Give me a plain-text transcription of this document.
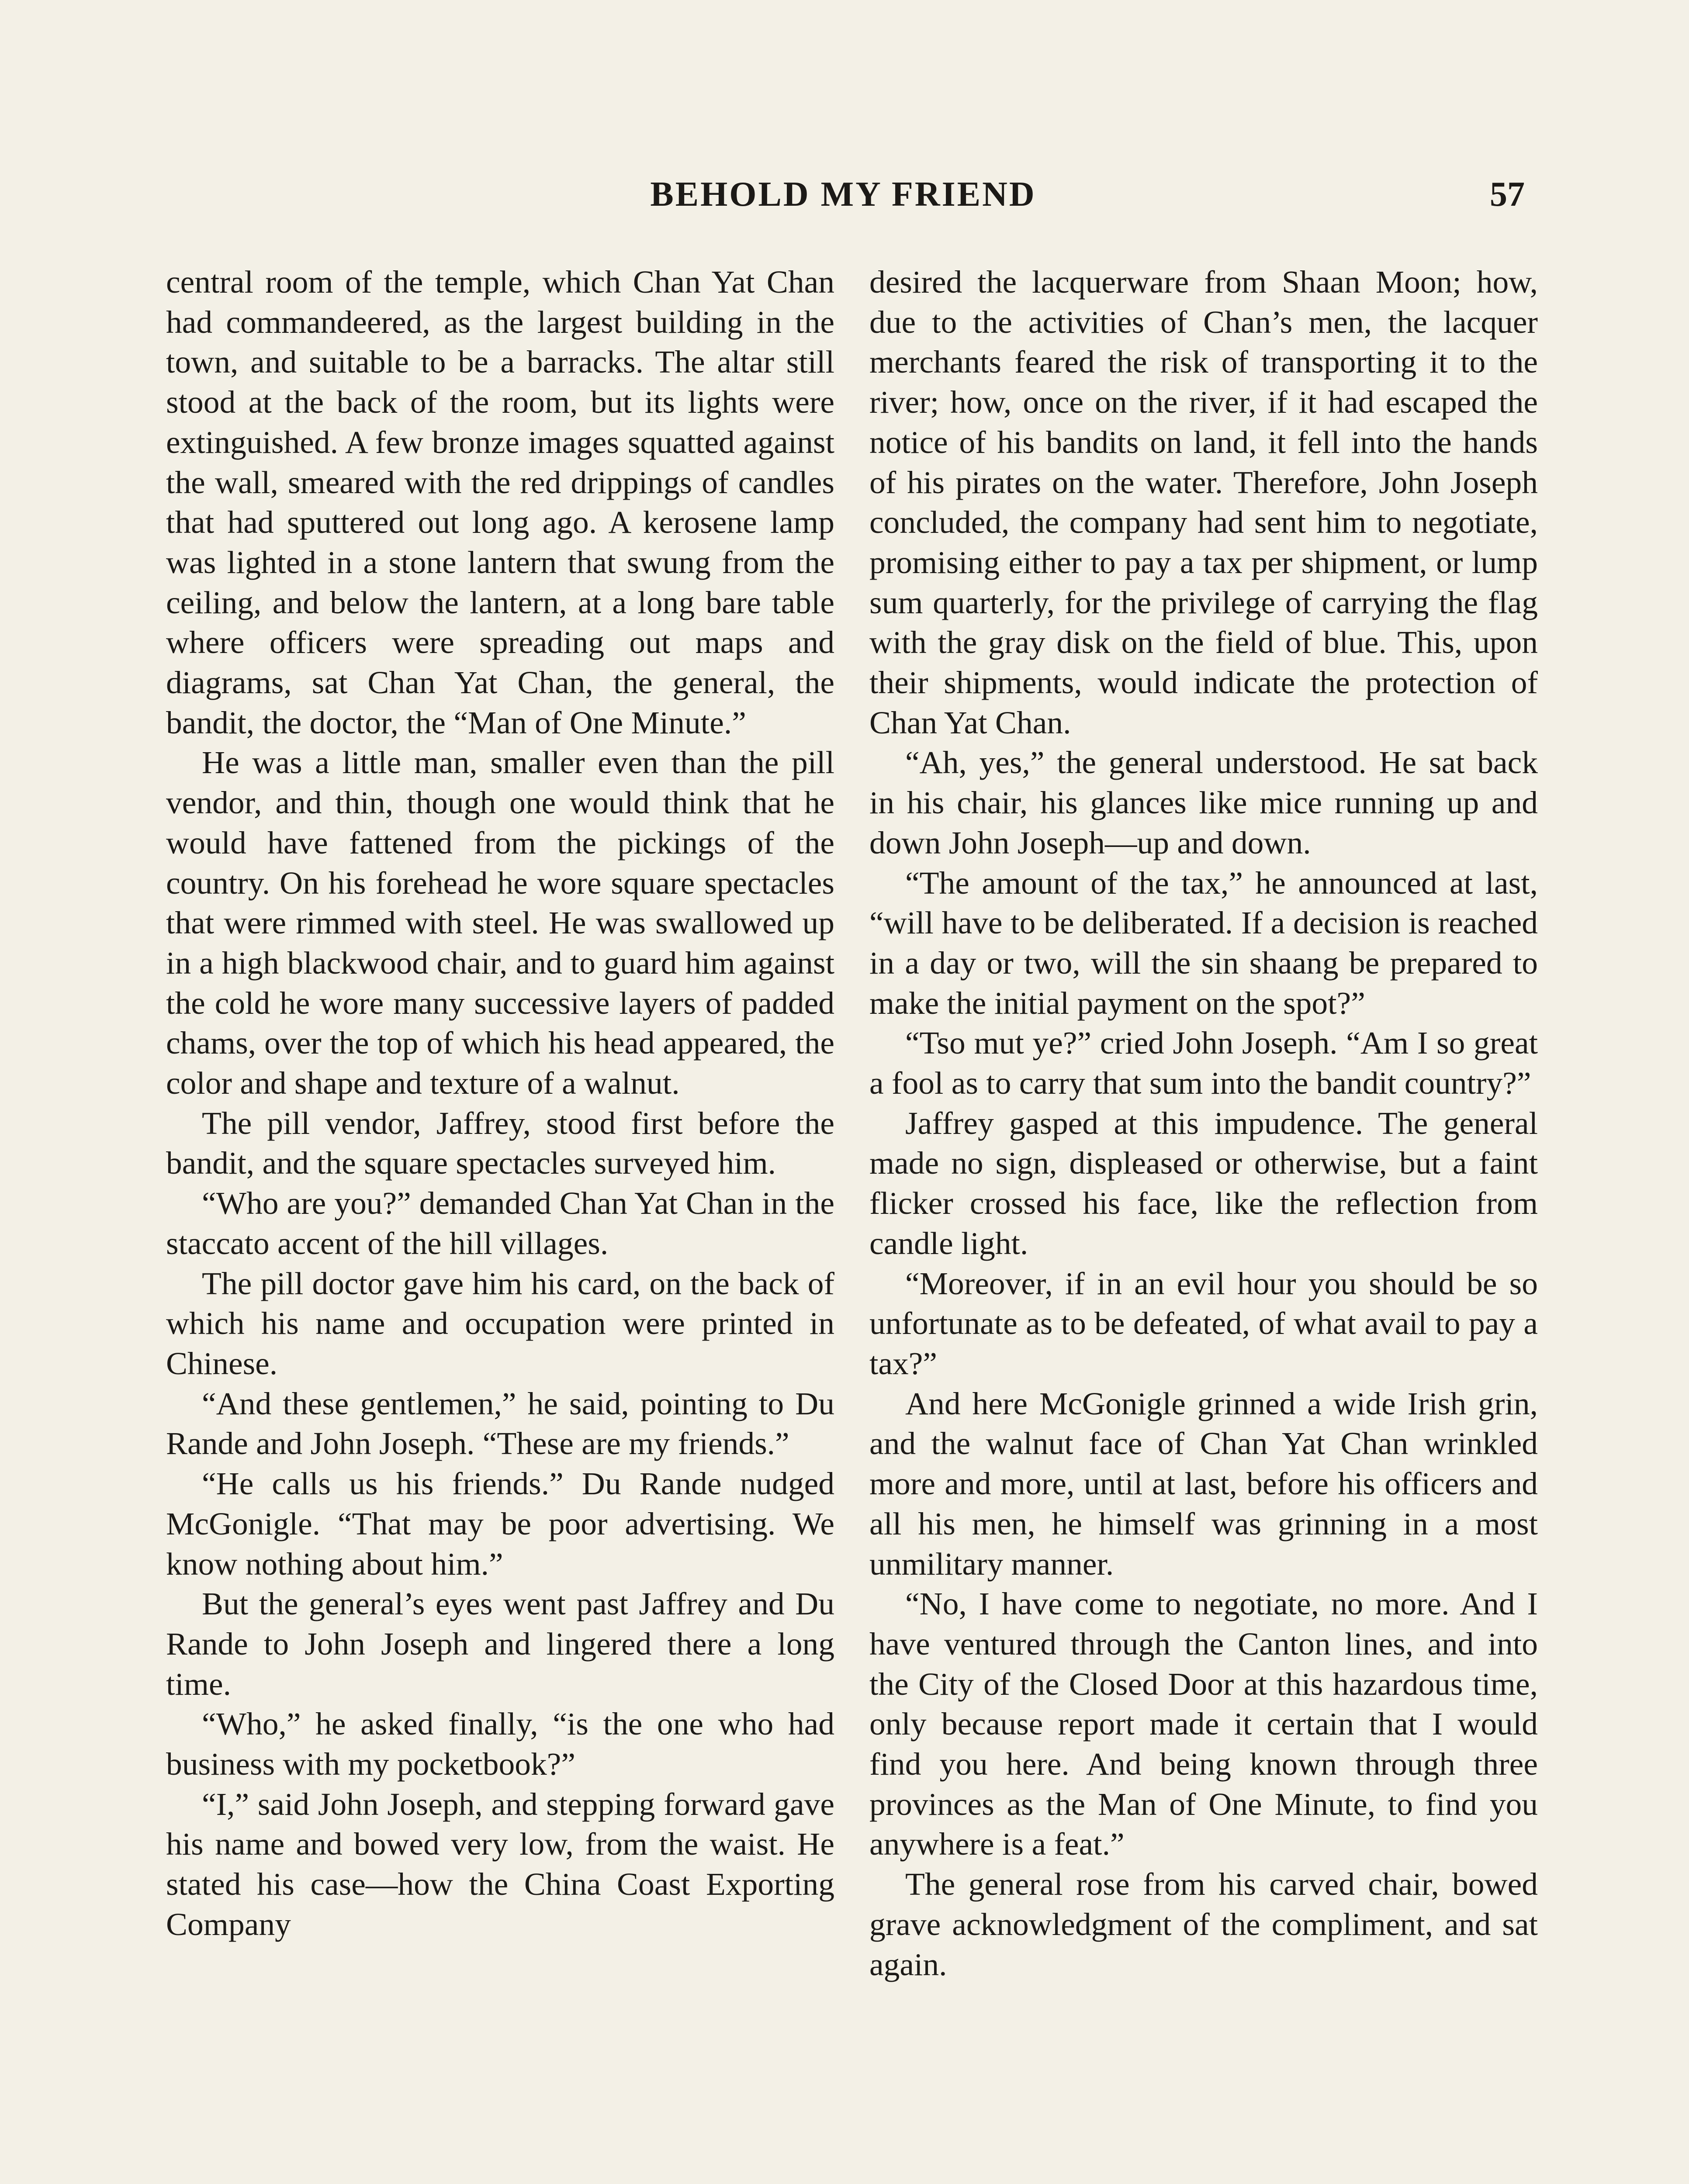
BEHOLD MY FRIEND	57

central room of the temple, which Chan Yat Chan had commandeered, as the largest building in the town, and suitable to be a barracks. The altar still stood at the back of the room, but its lights were extinguished. A few bronze images squatted against the wall, smeared with the red drippings of candles that had sputtered out long ago. A kerosene lamp was lighted in a stone lantern that swung from the ceiling, and below the lantern, at a long bare table where officers were spreading out maps and diagrams, sat Chan Yat Chan, the general, the bandit, the doctor, the “Man of One Minute.”

He was a little man, smaller even than the pill vendor, and thin, though one would think that he would have fattened from the pickings of the country. On his forehead he wore square spectacles that were rimmed with steel. He was swallowed up in a high blackwood chair, and to guard him against the cold he wore many successive layers of padded chams, over the top of which his head appeared, the color and shape and texture of a walnut.

The pill vendor, Jaffrey, stood first before the bandit, and the square spectacles surveyed him.

“Who are you?” demanded Chan Yat Chan in the staccato accent of the hill villages.

The pill doctor gave him his card, on the back of which his name and occupation were printed in Chinese.

“And these gentlemen,” he said, pointing to Du Rande and John Joseph. “These are my friends.”

“He calls us his friends.” Du Rande nudged McGonigle. “That may be poor advertising. We know nothing about him.”

But the general’s eyes went past Jaffrey and Du Rande to John Joseph and lingered there a long time.

“Who,” he asked finally, “is the one who had business with my pocketbook?”

“I,” said John Joseph, and stepping forward gave his name and bowed very low, from the waist. He stated his case—how the China Coast Exporting Company

desired the lacquerware from Shaan Moon; how, due to the activities of Chan’s men, the lacquer merchants feared the risk of transporting it to the river; how, once on the river, if it had escaped the notice of his bandits on land, it fell into the hands of his pirates on the water. Therefore, John Joseph concluded, the company had sent him to negotiate, promising either to pay a tax per shipment, or lump sum quarterly, for the privilege of carrying the flag with the gray disk on the field of blue. This, upon their shipments, would indicate the protection of Chan Yat Chan.

“Ah, yes,” the general understood. He sat back in his chair, his glances like mice running up and down John Joseph—up and down.

“The amount of the tax,” he announced at last, “will have to be deliberated. If a decision is reached in a day or two, will the sin shaang be prepared to make the initial payment on the spot?”

“Tso mut ye?” cried John Joseph. “Am I so great a fool as to carry that sum into the bandit country?”

Jaffrey gasped at this impudence. The general made no sign, displeased or otherwise, but a faint flicker crossed his face, like the reflection from candle light.

“Moreover, if in an evil hour you should be so unfortunate as to be defeated, of what avail to pay a tax?”

And here McGonigle grinned a wide Irish grin, and the walnut face of Chan Yat Chan wrinkled more and more, until at last, before his officers and all his men, he himself was grinning in a most unmilitary manner.

“No, I have come to negotiate, no more. And I have ventured through the Canton lines, and into the City of the Closed Door at this hazardous time, only because report made it certain that I would find you here. And being known through three provinces as the Man of One Minute, to find you anywhere is a feat.”

The general rose from his carved chair, bowed grave acknowledgment of the compliment, and sat again.
